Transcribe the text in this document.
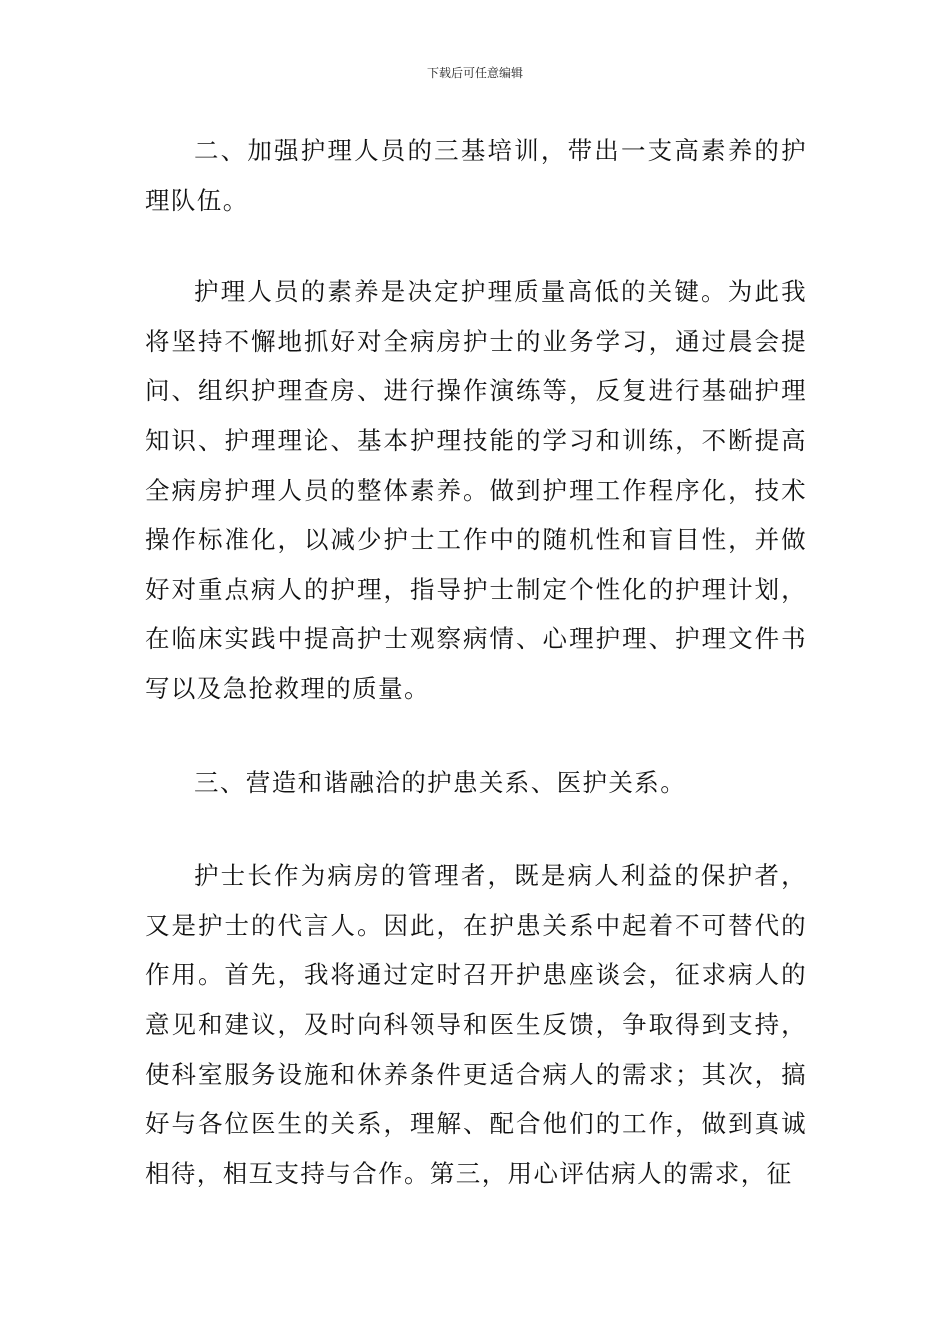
下载后可任意编辑

二、加强护理人员的三基培训，带出一支高素养的护理队伍。

护理人员的素养是决定护理质量高低的关键。为此我将坚持不懈地抓好对全病房护士的业务学习，通过晨会提问、组织护理查房、进行操作演练等，反复进行基础护理知识、护理理论、基本护理技能的学习和训练，不断提高全病房护理人员的整体素养。做到护理工作程序化，技术操作标准化，以减少护士工作中的随机性和盲目性，并做好对重点病人的护理，指导护士制定个性化的护理计划，在临床实践中提高护士观察病情、心理护理、护理文件书写以及急抢救理的质量。

三、营造和谐融洽的护患关系、医护关系。

护士长作为病房的管理者，既是病人利益的保护者，又是护士的代言人。因此，在护患关系中起着不可替代的作用。首先，我将通过定时召开护患座谈会，征求病人的意见和建议，及时向科领导和医生反馈，争取得到支持，使科室服务设施和休养条件更适合病人的需求；其次，搞好与各位医生的关系，理解、配合他们的工作，做到真诚相待，相互支持与合作。第三，用心评估病人的需求，征
